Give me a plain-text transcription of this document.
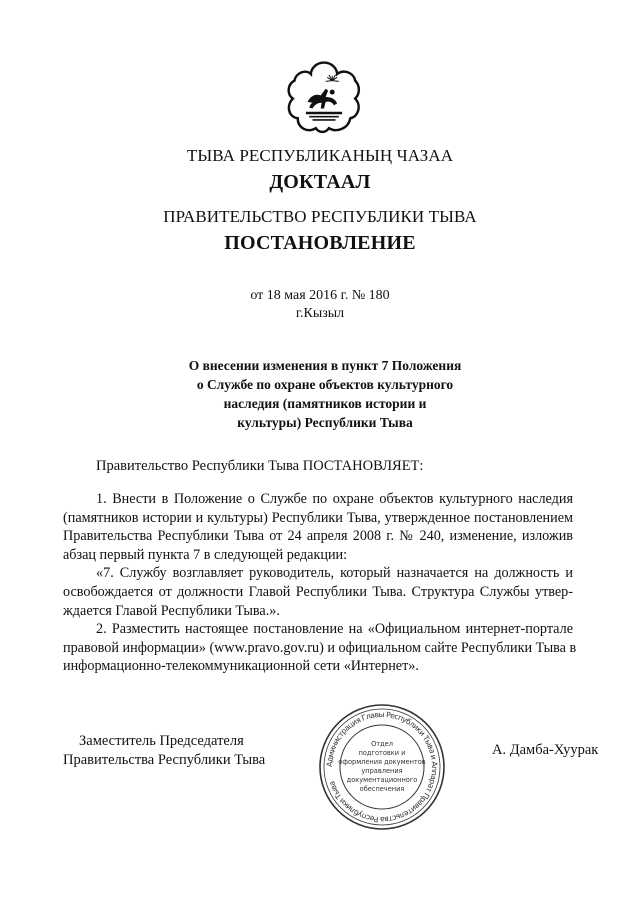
ТЫВА РЕСПУБЛИКАНЫҢ ЧАЗАА
ДОКТААЛ
ПРАВИТЕЛЬСТВО РЕСПУБЛИКИ ТЫВА
ПОСТАНОВЛЕНИЕ
от 18 мая 2016 г. № 180
г.Кызыл
О внесении изменения в пункт 7 Положения
о Службе по охране объектов культурного
наследия (памятников истории и
культуры) Республики Тыва
Правительство Республики Тыва ПОСТАНОВЛЯЕТ:
1. Внести в Положение о Службе по охране объектов культурного наследия
(памятников истории и культуры) Республики Тыва, утвержденное постановлением
Правительства Республики Тыва от 24 апреля 2008 г. № 240, изменение, изложив
абзац первый пункта 7 в следующей редакции:
«7. Службу возглавляет руководитель, который назначается на должность и
освобождается от должности Главой Республики Тыва. Структура Службы утвер-
ждается Главой Республики Тыва.».
2. Разместить настоящее постановление на «Официальном интернет-портале
правовой информации» (www.pravo.gov.ru) и официальном сайте Республики Тыва в
информационно-телекоммуникационной сети «Интернет».
Заместитель Председателя
Правительства Республики Тыва	Администрация Главы Республики Тыва и Аппарат Правительства Республики Тыва
Отдел
подготовки и
оформления документов
управления
документационного
обеспечения
А. Дамба-Хуурак
